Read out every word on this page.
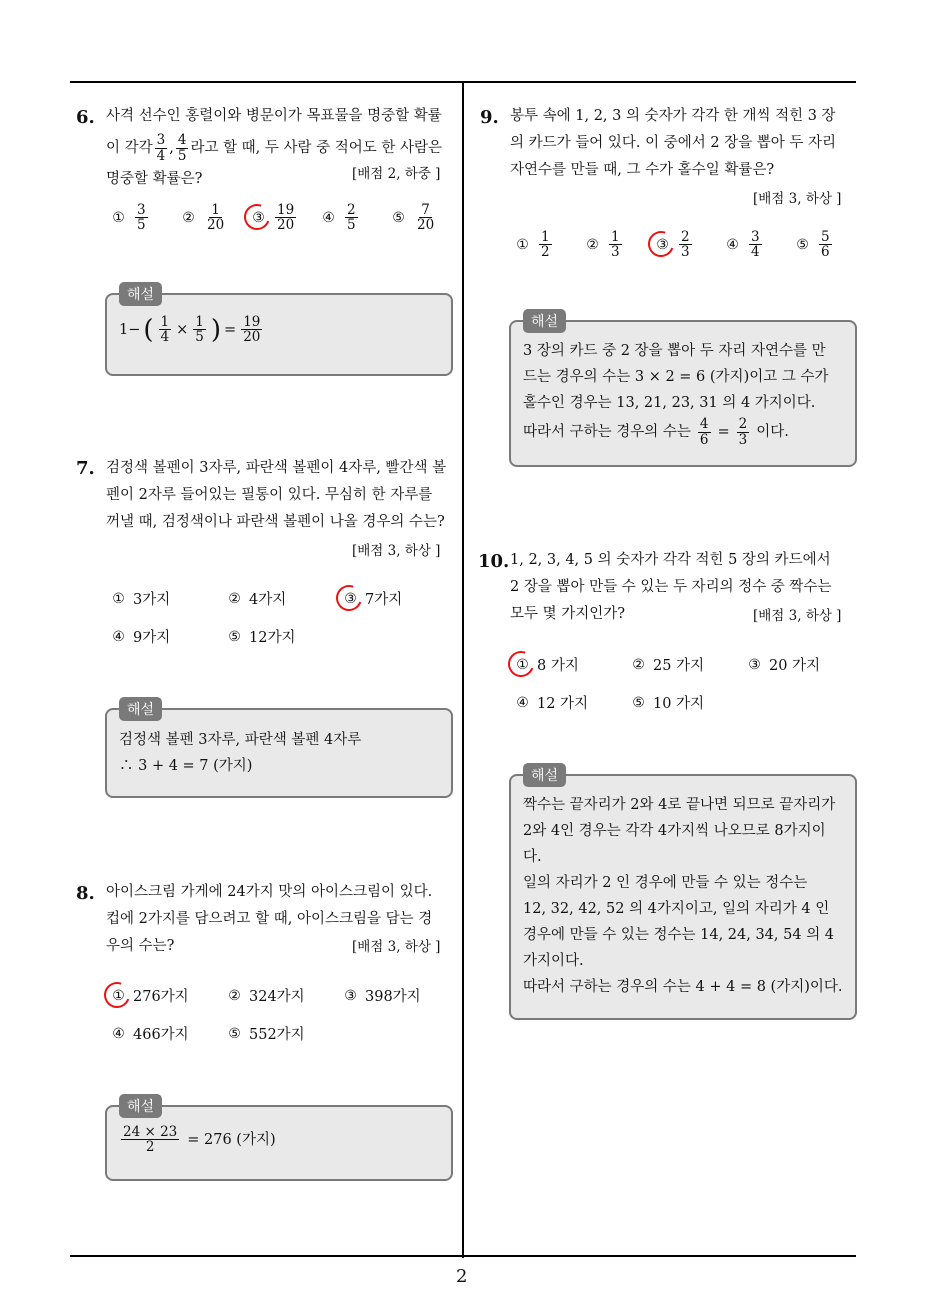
6. 사격 선수인 홍렬이와 병문이가 목표물을 명중할 확률
이 각각 $\frac{3}{4}$ , $\frac{4}{5}$ 라고 할 때, 두 사람 중 적어도 한 사람은
명중할 확률은?	[배점 2, 하중 ]
① $\frac{3}{5}$ ② $\frac{1}{20}$ ③ $\frac{19}{20}$ ④ $\frac{2}{5}$ ⑤ $\frac{7}{20}$
1− ( $\frac{1}{4} \times \frac{1}{5}$ ) = $\frac{19}{20}$
해설
7. 검정색 볼펜이 3자루, 파란색 볼펜이 4자루, 빨간색 볼
펜이 2자루 들어있는 필통이 있다. 무심히 한 자루를
꺼낼 때, 검정색이나 파란색 볼펜이 나올 경우의 수는?
[배점 3, 하상 ]
① 3가지	② 4가지	③ 7가지
④ 9가지	⑤ 12가지
검정색 볼펜 3자루, 파란색 볼펜 4자루
∴ 3 + 4 = 7 (가지)
해설
8. 아이스크림 가게에 24가지 맛의 아이스크림이 있다.
컵에 2가지를 담으려고 할 때, 아이스크림을 담는 경
우의 수는?	[배점 3, 하상 ]
① 276가지	② 324가지	③ 398가지
④ 466가지	⑤ 552가지
$\frac{24 \times 23}{2} = 276$ (가지)
해설
9. 봉투 속에 1, 2, 3 의 숫자가 각각 한 개씩 적힌 3 장
의 카드가 들어 있다. 이 중에서 2 장을 뽑아 두 자리
자연수를 만들 때, 그 수가 홀수일 확률은?
[배점 3, 하상 ]
① $\frac{1}{2}$ ② $\frac{1}{3}$ ③ $\frac{2}{3}$ ④ $\frac{3}{4}$ ⑤ $\frac{5}{6}$
3 장의 카드 중 2 장을 뽑아 두 자리 자연수를 만
드는 경우의 수는 3 × 2 = 6 (가지)이고 그 수가
홀수인 경우는 13, 21, 23, 31 의 4 가지이다.
따라서 구하는 경우의 수는 $\frac{4}{6} = \frac{2}{3}$ 이다.
해설
10. 1, 2, 3, 4, 5 의 숫자가 각각 적힌 5 장의 카드에서
2 장을 뽑아 만들 수 있는 두 자리의 정수 중 짝수는
모두 몇 가지인가?	[배점 3, 하상 ]
① 8 가지	② 25 가지	③ 20 가지
④ 12 가지	⑤ 10 가지
짝수는 끝자리가 2와 4로 끝나면 되므로 끝자리가
2와 4인 경우는 각각 4가지씩 나오므로 8가지이
다.
일의 자리가 2 인 경우에 만들 수 있는 정수는
12, 32, 42, 52 의 4가지이고, 일의 자리가 4 인
경우에 만들 수 있는 정수는 14, 24, 34, 54 의 4
가지이다.
따라서 구하는 경우의 수는 4 + 4 = 8 (가지)이다.
해설
2
